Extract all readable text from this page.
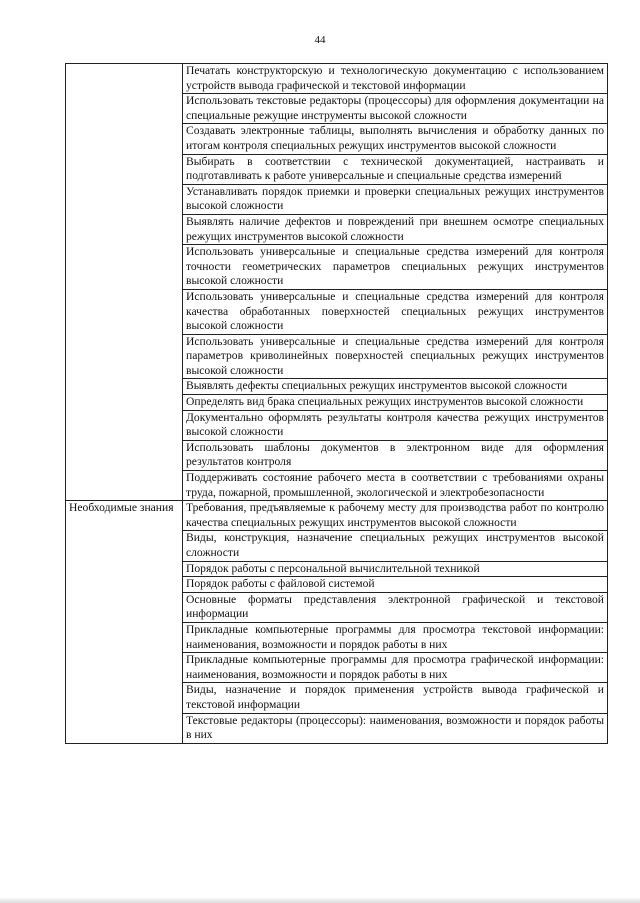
44
	Печатать конструкторскую и технологическую документацию с использованием устройств вывода графической и текстовой информации
	Использовать текстовые редакторы (процессоры) для оформления документации на специальные режущие инструменты высокой сложности
	Создавать электронные таблицы, выполнять вычисления и обработку данных по итогам контроля специальных режущих инструментов высокой сложности
	Выбирать в соответствии с технической документацией, настраивать и подготавливать к работе универсальные и специальные средства измерений
	Устанавливать порядок приемки и проверки специальных режущих инструментов высокой сложности
	Выявлять наличие дефектов и повреждений при внешнем осмотре специальных режущих инструментов высокой сложности
	Использовать универсальные и специальные средства измерений для контроля точности геометрических параметров специальных режущих инструментов высокой сложности
	Использовать универсальные и специальные средства измерений для контроля качества обработанных поверхностей специальных режущих инструментов высокой сложности
	Использовать универсальные и специальные средства измерений для контроля параметров криволинейных поверхностей специальных режущих инструментов высокой сложности
	Выявлять дефекты специальных режущих инструментов высокой сложности
	Определять вид брака специальных режущих инструментов высокой сложности
	Документально оформлять результаты контроля качества режущих инструментов высокой сложности
	Использовать шаблоны документов в электронном виде для оформления результатов контроля
	Поддерживать состояние рабочего места в соответствии с требованиями охраны труда, пожарной, промышленной, экологической и электробезопасности
Необходимые знания	Требования, предъявляемые к рабочему месту для производства работ по контролю качества специальных режущих инструментов высокой сложности
	Виды, конструкция, назначение специальных режущих инструментов высокой сложности
	Порядок работы с персональной вычислительной техникой
	Порядок работы с файловой системой
	Основные форматы представления электронной графической и текстовой информации
	Прикладные компьютерные программы для просмотра текстовой информации: наименования, возможности и порядок работы в них
	Прикладные компьютерные программы для просмотра графической информации: наименования, возможности и порядок работы в них
	Виды, назначение и порядок применения устройств вывода графической и текстовой информации
	Текстовые редакторы (процессоры): наименования, возможности и порядок работы в них
